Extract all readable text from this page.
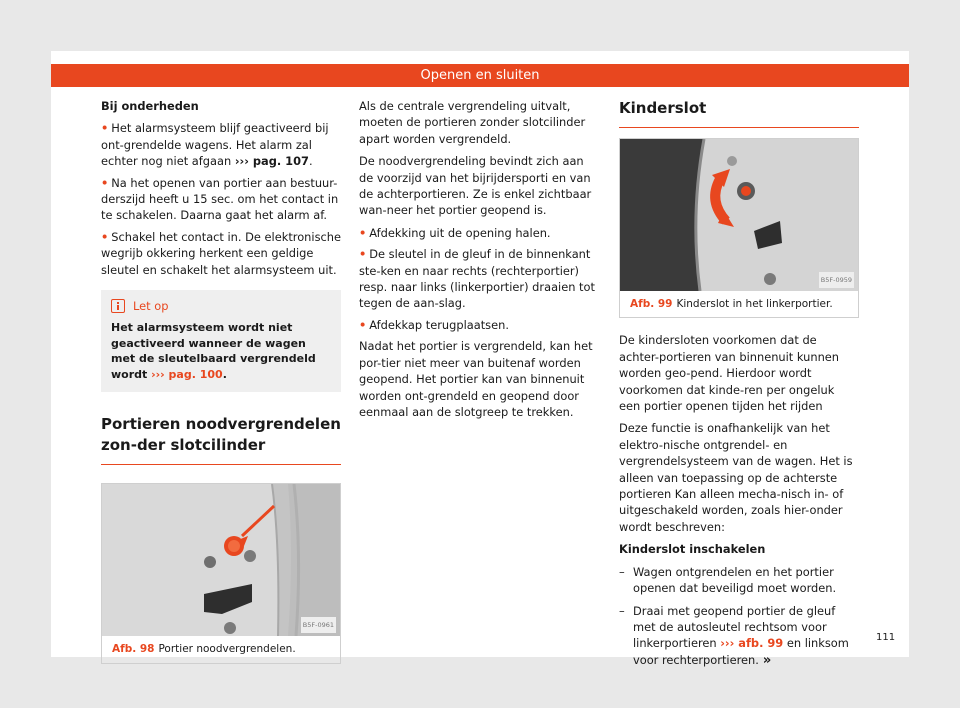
Openen en sluiten

Bij onderheden

• Het alarmsysteem blijf geactiveerd bij ont-grendelde wagens. Het alarm zal echter nog niet afgaan ››› pag. 107.

• Na het openen van portier aan bestuur-derszijd heeft u 15 sec. om het contact in te schakelen. Daarna gaat het alarm af.

• Schakel het contact in. De elektronische wegrijb okkering herkent een geldige sleutel en schakelt het alarmsysteem uit.

Let op
Het alarmsysteem wordt niet geactiveerd wanneer de wagen met de sleutelbaard vergrendeld wordt ››› pag. 100.
Portieren noodvergrendelen zon-der slotcilinder
B5F-0961
Afb. 98 Portier noodvergrendelen.

Als de centrale vergrendeling uitvalt, moeten de portieren zonder slotcilinder apart worden vergrendeld.

De noodvergrendeling bevindt zich aan de voorzijd van het bijrijdersporti en van de achterportieren. Ze is enkel zichtbaar wan-neer het portier geopend is.

• Afdekking uit de opening halen.

• De sleutel in de gleuf in de binnenkant ste-ken en naar rechts (rechterportier) resp. naar links (linkerportier) draaien tot tegen de aan-slag.

• Afdekkap terugplaatsen.

Nadat het portier is vergrendeld, kan het por-tier niet meer van buitenaf worden geopend. Het portier kan van binnenuit worden ont-grendeld en geopend door eenmaal aan de slotgreep te trekken.

Kinderslot
B5F-0959
Afb. 99 Kinderslot in het linkerportier.

De kindersloten voorkomen dat de achter-portieren van binnenuit kunnen worden geo-pend. Hierdoor wordt voorkomen dat kinde-ren per ongeluk een portier openen tijden het rijden

Deze functie is onafhankelijk van het elektro-nische ontgrendel- en vergrendelsysteem van de wagen. Het is alleen van toepassing op de achterste portieren Kan alleen mecha-nisch in- of uitgeschakeld worden, zoals hier-onder wordt beschreven:

Kinderslot inschakelen

– Wagen ontgrendelen en het portier openen dat beveiligd moet worden.
– Draai met geopend portier de gleuf met de autosleutel rechtsom voor linkerportieren ››› afb. 99 en linksom voor rechterportieren. »
111
